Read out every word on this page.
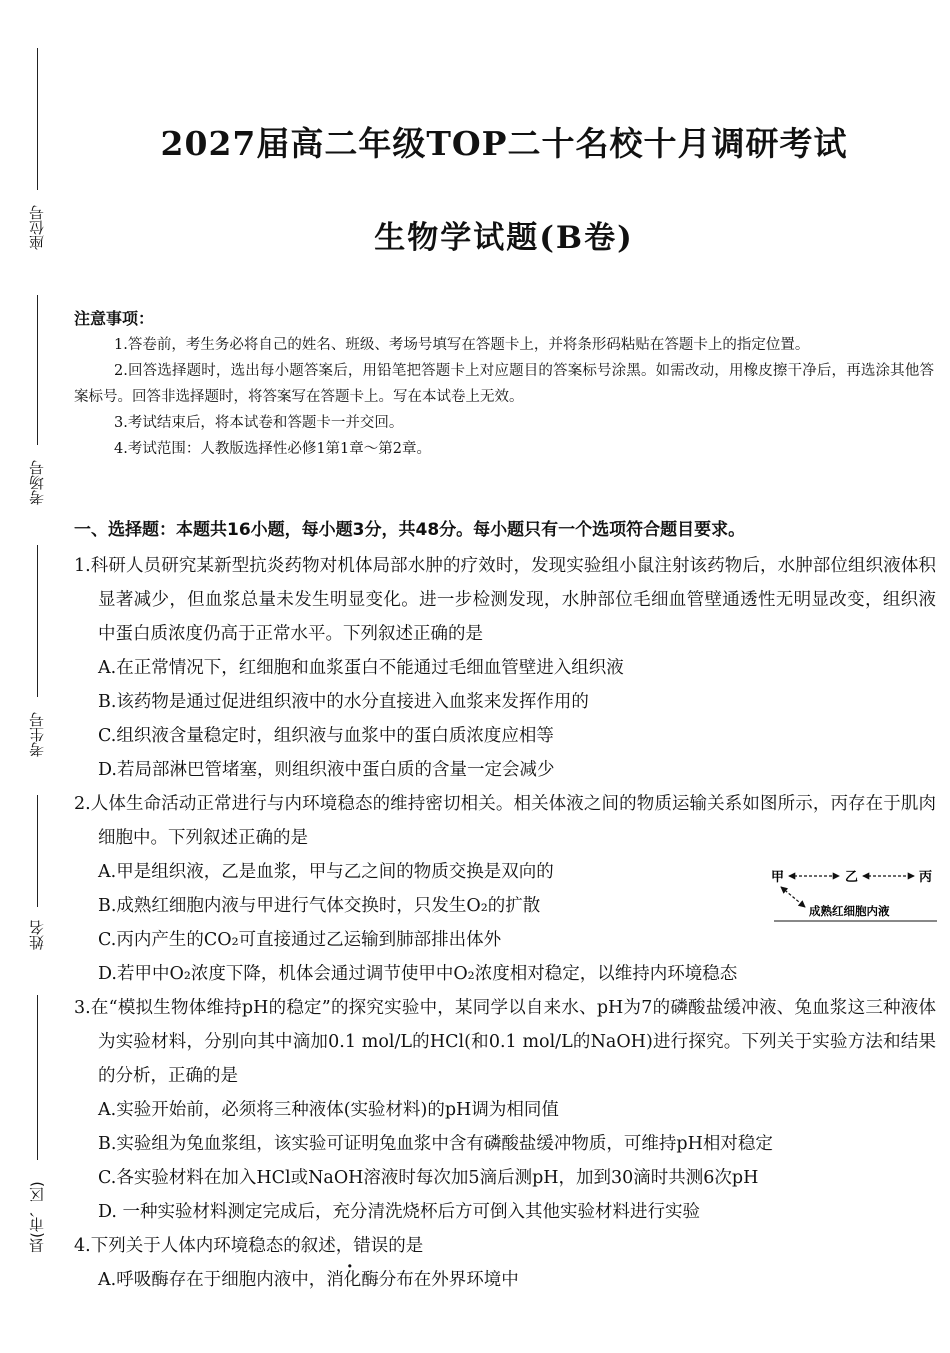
座位号
考场号
考生号
姓名
县(市、区)
2027届高二年级TOP二十名校十月调研考试
生物学试题(B卷)
注意事项：
1.答卷前，考生务必将自己的姓名、班级、考场号填写在答题卡上，并将条形码粘贴在答题卡上的指定位置。
2.回答选择题时，选出每小题答案后，用铅笔把答题卡上对应题目的答案标号涂黑。如需改动，用橡皮擦干净后，再选涂其他答案标号。回答非选择题时，将答案写在答题卡上。写在本试卷上无效。
3.考试结束后，将本试卷和答题卡一并交回。
4.考试范围：人教版选择性必修1第1章～第2章。
一、选择题：本题共16小题，每小题3分，共48分。每小题只有一个选项符合题目要求。
1.科研人员研究某新型抗炎药物对机体局部水肿的疗效时，发现实验组小鼠注射该药物后，水肿部位组织液体积显著减少，但血浆总量未发生明显变化。进一步检测发现，水肿部位毛细血管壁通透性无明显改变，组织液中蛋白质浓度仍高于正常水平。下列叙述正确的是
A.在正常情况下，红细胞和血浆蛋白不能通过毛细血管壁进入组织液
B.该药物是通过促进组织液中的水分直接进入血浆来发挥作用的
C.组织液含量稳定时，组织液与血浆中的蛋白质浓度应相等
D.若局部淋巴管堵塞，则组织液中蛋白质的含量一定会减少
2.人体生命活动正常进行与内环境稳态的维持密切相关。相关体液之间的物质运输关系如图所示，丙存在于肌肉细胞中。下列叙述正确的是
A.甲是组织液，乙是血浆，甲与乙之间的物质交换是双向的
B.成熟红细胞内液与甲进行气体交换时，只发生O₂的扩散
C.丙内产生的CO₂可直接通过乙运输到肺部排出体外
D.若甲中O₂浓度下降，机体会通过调节使甲中O₂浓度相对稳定，以维持内环境稳态
甲	乙	丙
成熟红细胞内液
3.在“模拟生物体维持pH的稳定”的探究实验中，某同学以自来水、pH为7的磷酸盐缓冲液、兔血浆这三种液体为实验材料，分别向其中滴加0.1 mol/L的HCl(和0.1 mol/L的NaOH)进行探究。下列关于实验方法和结果的分析，正确的是
A.实验开始前，必须将三种液体(实验材料)的pH调为相同值
B.实验组为兔血浆组，该实验可证明兔血浆中含有磷酸盐缓冲物质，可维持pH相对稳定
C.各实验材料在加入HCl或NaOH溶液时每次加5滴后测pH，加到30滴时共测6次pH
D. 一种实验材料测定完成后，充分清洗烧杯后方可倒入其他实验材料进行实验
4.下列关于人体内环境稳态的叙述，错误的是
A.呼吸酶存在于细胞内液中，消化酶分布在外界环境中
